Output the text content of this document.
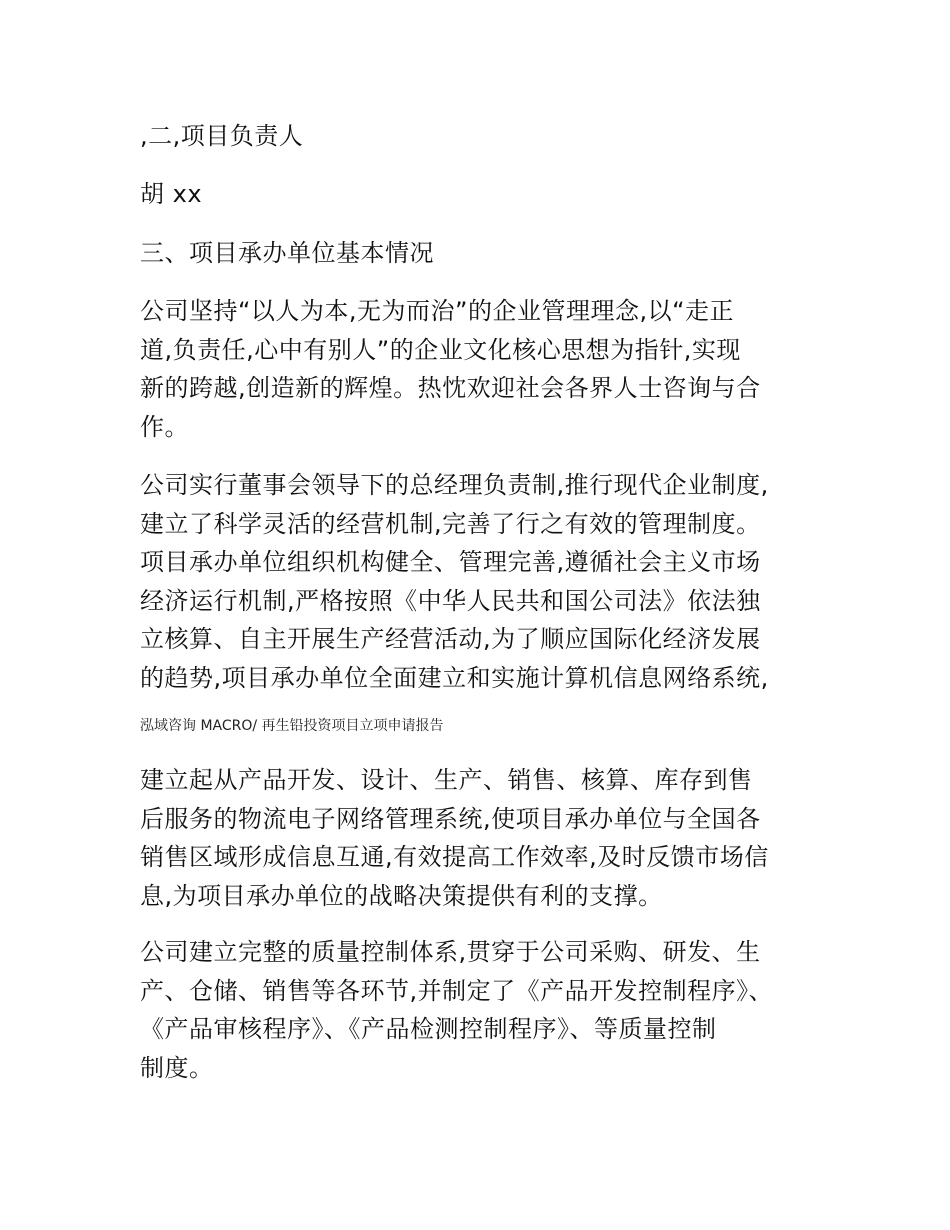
,二,项目负责人
胡 xx
三、项目承办单位基本情况
公司坚持“以人为本,无为而治”的企业管理理念,以“走正
道,负责任,心中有别人”的企业文化核心思想为指针,实现
新的跨越,创造新的辉煌。热忱欢迎社会各界人士咨询与合
作。
公司实行董事会领导下的总经理负责制,推行现代企业制度,
建立了科学灵活的经营机制,完善了行之有效的管理制度。
项目承办单位组织机构健全、管理完善,遵循社会主义市场
经济运行机制,严格按照《中华人民共和国公司法》依法独
立核算、自主开展生产经营活动,为了顺应国际化经济发展
的趋势,项目承办单位全面建立和实施计算机信息网络系统,
泓域咨询 MACRO/ 再生铅投资项目立项申请报告
建立起从产品开发、设计、生产、销售、核算、库存到售
后服务的物流电子网络管理系统,使项目承办单位与全国各
销售区域形成信息互通,有效提高工作效率,及时反馈市场信
息,为项目承办单位的战略决策提供有利的支撑。
公司建立完整的质量控制体系,贯穿于公司采购、研发、生
产、仓储、销售等各环节,并制定了《产品开发控制程序》、
《产品审核程序》、《产品检测控制程序》、等质量控制
制度。
